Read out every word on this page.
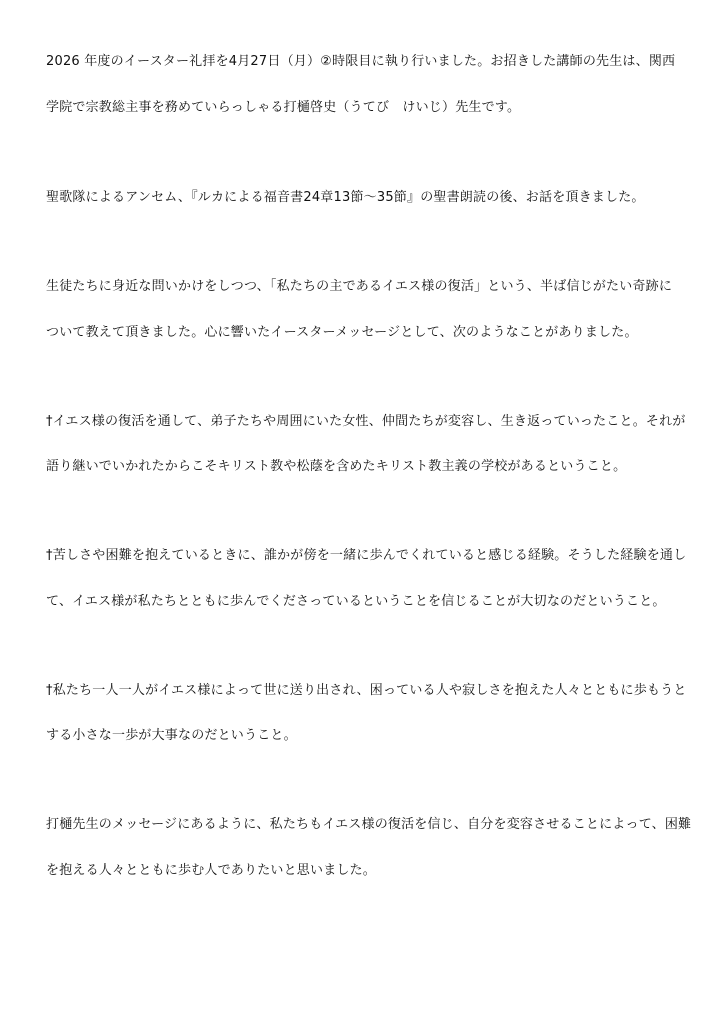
2026 年度のイースター礼拝を4月27日（月）②時限目に執り行いました。お招きした講師の先生は、関西
学院で宗教総主事を務めていらっしゃる打樋啓史（うてび　けいじ）先生です。
聖歌隊によるアンセム、『ルカによる福音書24章13節～35節』の聖書朗読の後、お話を頂きました。
生徒たちに身近な問いかけをしつつ、「私たちの主であるイエス様の復活」という、半ば信じがたい奇跡に
ついて教えて頂きました。心に響いたイースターメッセージとして、次のようなことがありました。
†イエス様の復活を通して、弟子たちや周囲にいた女性、仲間たちが変容し、生き返っていったこと。それが
語り継いでいかれたからこそキリスト教や松蔭を含めたキリスト教主義の学校があるということ。
†苦しさや困難を抱えているときに、誰かが傍を一緒に歩んでくれていると感じる経験。そうした経験を通し
て、イエス様が私たちとともに歩んでくださっているということを信じることが大切なのだということ。
†私たち一人一人がイエス様によって世に送り出され、困っている人や寂しさを抱えた人々とともに歩もうと
する小さな一歩が大事なのだということ。
打樋先生のメッセージにあるように、私たちもイエス様の復活を信じ、自分を変容させることによって、困難
を抱える人々とともに歩む人でありたいと思いました。
